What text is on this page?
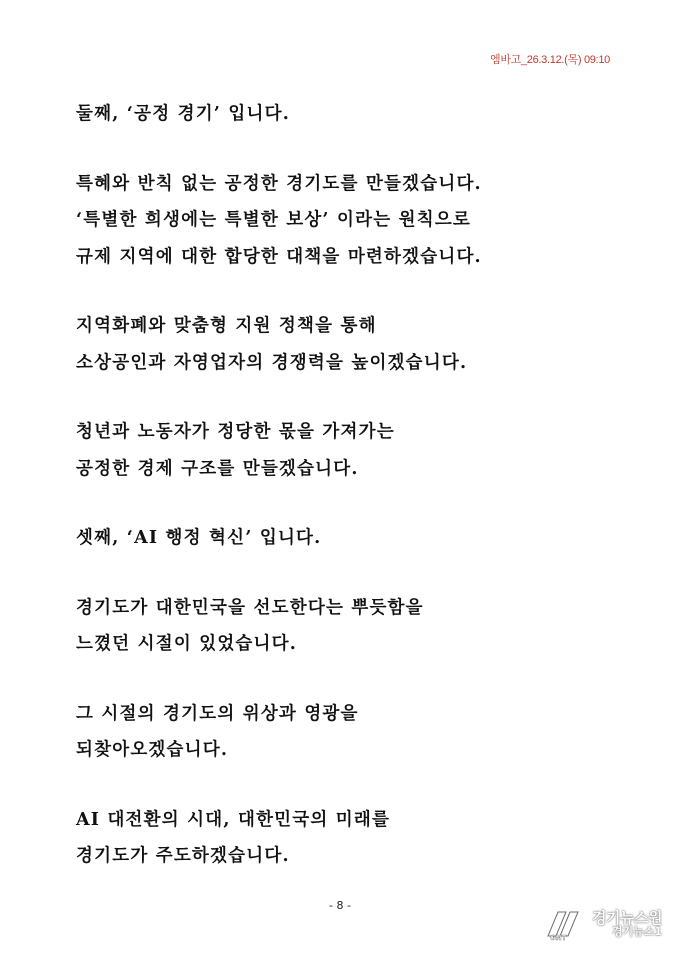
엠바고_26.3.12.(목) 09:10
둘째, ‘공정 경기’ 입니다.
특혜와 반칙 없는 공정한 경기도를 만들겠습니다.
‘특별한 희생에는 특별한 보상’ 이라는 원칙으로
규제 지역에 대한 합당한 대책을 마련하겠습니다.
지역화폐와 맞춤형 지원 정책을 통해
소상공인과 자영업자의 경쟁력을 높이겠습니다.
청년과 노동자가 정당한 몫을 가져가는
공정한 경제 구조를 만들겠습니다.
셋째, ‘AI 행정 혁신’ 입니다.
경기도가 대한민국을 선도한다는 뿌듯함을
느꼈던 시절이 있었습니다.
그 시절의 경기도의 위상과 영광을
되찾아오겠습니다.
AI 대전환의 시대, 대한민국의 미래를
경기도가 주도하겠습니다.
- 8 -
GNT
경기뉴스원
경기뉴스1
